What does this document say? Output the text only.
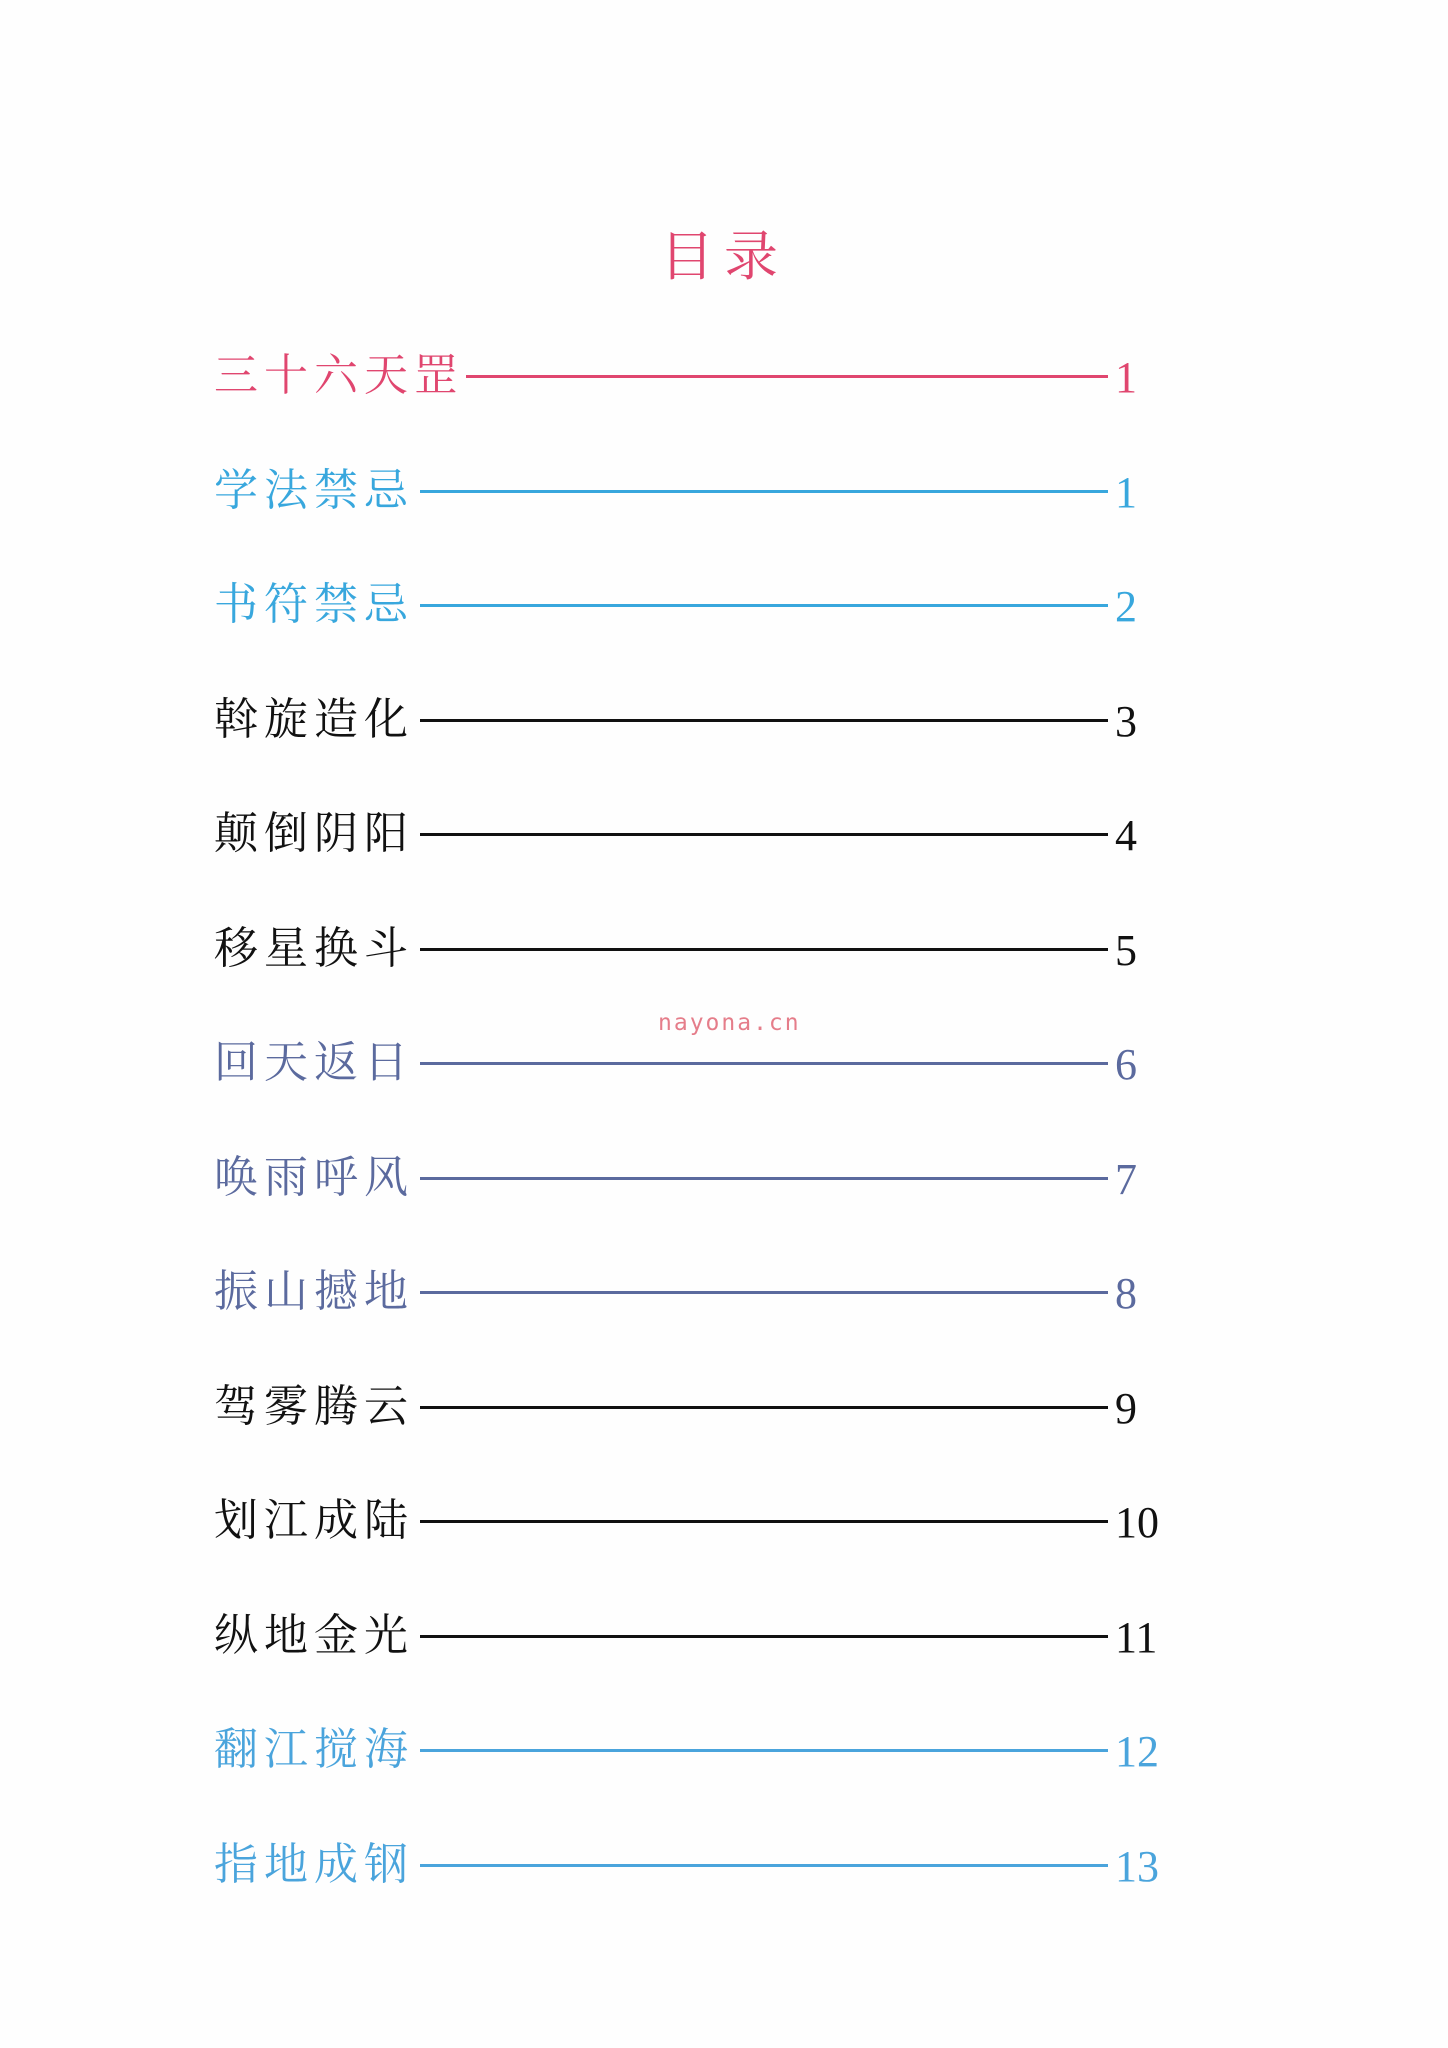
目录
三十六天罡	1
学法禁忌	1
书符禁忌	2
斡旋造化	3
颠倒阴阳	4
移星换斗	5
回天返日	6
唤雨呼风	7
振山撼地	8
驾雾腾云	9
划江成陆	10
纵地金光	11
翻江搅海	12
指地成钢	13
nayona.cn
